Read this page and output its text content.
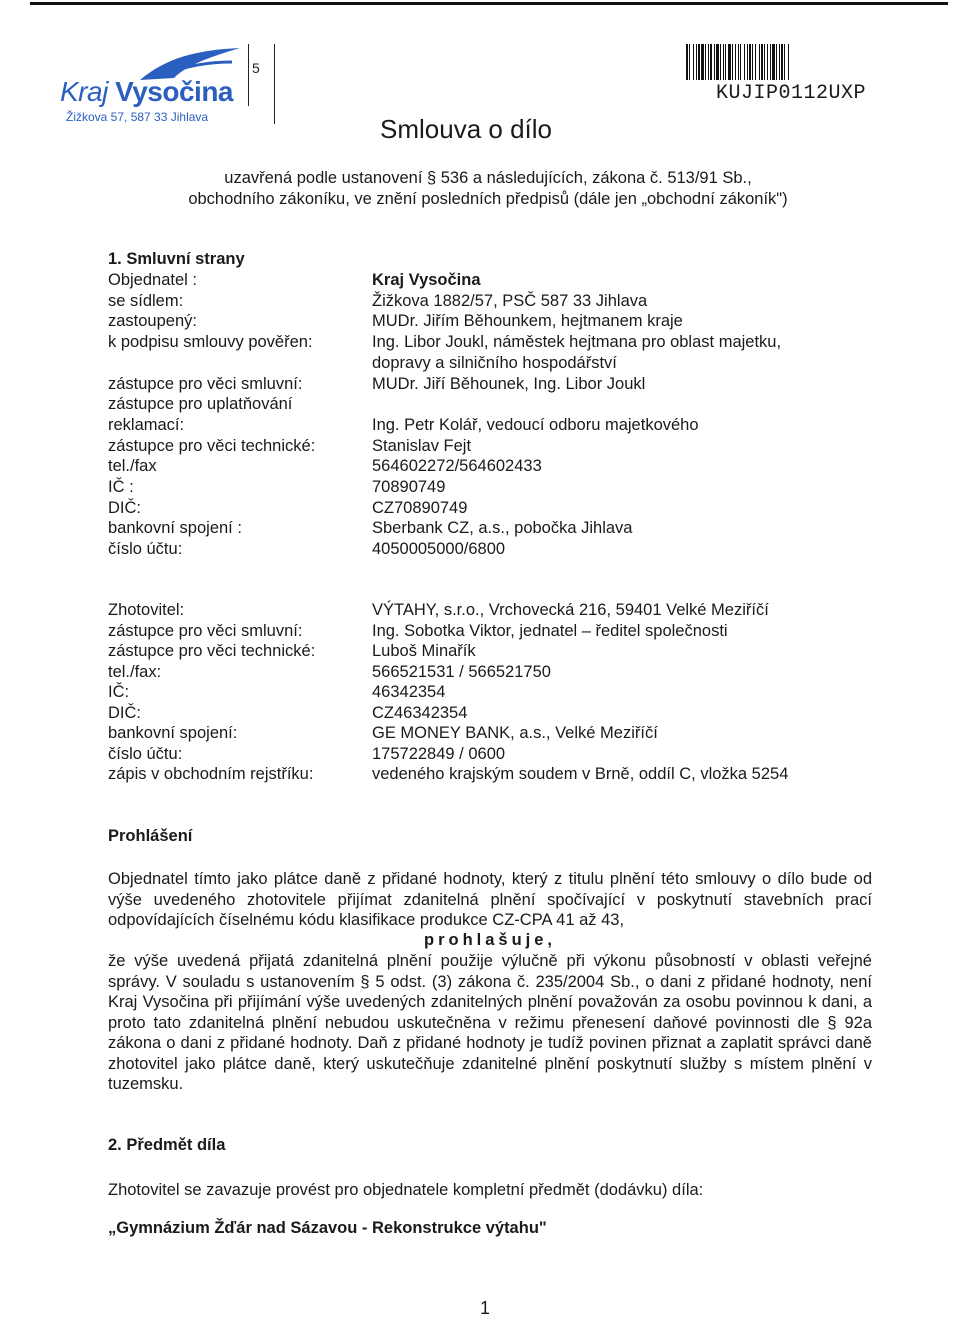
Kraj Vysočina
Žižkova 57, 587 33 Jihlava
5
Smlouva o dílo
KUJIP0112UXP
uzavřená podle ustanovení § 536 a následujících, zákona č. 513/91 Sb.,
obchodního zákoníku, ve znění posledních předpisů (dále jen „obchodní zákoník")
1. Smluvní strany
Objednatel :	Kraj Vysočina
se sídlem:	Žižkova 1882/57, PSČ 587 33 Jihlava
zastoupený:	MUDr. Jiřím Běhounkem, hejtmanem kraje
k podpisu smlouvy pověřen:	Ing. Libor Joukl, náměstek hejtmana pro oblast majetku,
dopravy a silničního hospodářství
zástupce pro věci smluvní:	MUDr. Jiří Běhounek, Ing. Libor Joukl
zástupce pro uplatňování
reklamací:	Ing. Petr Kolář, vedoucí odboru majetkového
zástupce pro věci technické:	Stanislav Fejt
tel./fax	564602272/564602433
IČ :	70890749
DIČ:	CZ70890749
bankovní spojení :	Sberbank CZ, a.s., pobočka Jihlava
číslo účtu:	4050005000/6800
Zhotovitel:	VÝTAHY, s.r.o., Vrchovecká 216, 59401 Velké Meziříčí
zástupce pro věci smluvní:	Ing. Sobotka Viktor, jednatel – ředitel společnosti
zástupce pro věci technické:	Luboš Minařík
tel./fax:	566521531 / 566521750
IČ:	46342354
DIČ:	CZ46342354
bankovní spojení:	GE MONEY BANK, a.s., Velké Meziříčí
číslo účtu:	175722849 / 0600
zápis v obchodním rejstříku:	vedeného krajským soudem v Brně, oddíl C, vložka 5254
Prohlášení
Objednatel tímto jako plátce daně z přidané hodnoty, který z titulu plnění této smlouvy o dílo bude od výše uvedeného zhotovitele přijímat zdanitelná plnění spočívající v poskytnutí stavebních prací odpovídajících číselnému kódu klasifikace produkce CZ-CPA 41 až 43,
prohlašuje,
že výše uvedená přijatá zdanitelná plnění použije výlučně při výkonu působností v oblasti veřejné správy. V souladu s ustanovením § 5 odst. (3) zákona č. 235/2004 Sb., o dani z přidané hodnoty, není Kraj Vysočina při přijímání výše uvedených zdanitelných plnění považován za osobu povinnou k dani, a proto tato zdanitelná plnění nebudou uskutečněna v režimu přenesení daňové povinnosti dle § 92a zákona o dani z přidané hodnoty. Daň z přidané hodnoty je tudíž povinen přiznat a zaplatit správci daně zhotovitel jako plátce daně, který uskutečňuje zdanitelné plnění poskytnutí služby s místem plnění v tuzemsku.
2. Předmět díla
Zhotovitel se zavazuje provést pro objednatele kompletní předmět (dodávku) díla:
„Gymnázium Žďár nad Sázavou - Rekonstrukce výtahu"
1
